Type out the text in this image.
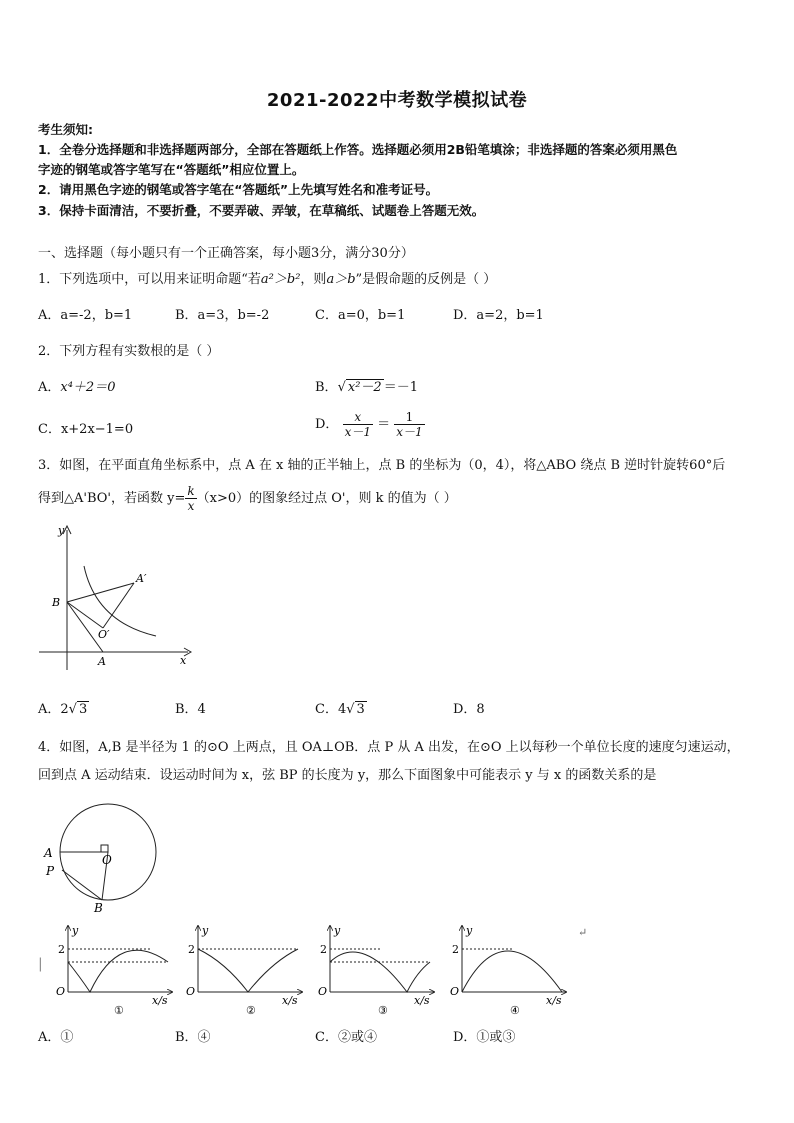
2021-2022中考数学模拟试卷
考生须知:
1．全卷分选择题和非选择题两部分，全部在答题纸上作答。选择题必须用2B铅笔填涂；非选择题的答案必须用黑色
字迹的钢笔或答字笔写在“答题纸”相应位置上。
2．请用黑色字迹的钢笔或答字笔在“答题纸”上先填写姓名和准考证号。
3．保持卡面清洁，不要折叠，不要弄破、弄皱，在草稿纸、试题卷上答题无效。
一、选择题（每小题只有一个正确答案，每小题3分，满分30分）
1．下列选项中，可以用来证明命题“若a²＞b²，则a＞b”是假命题的反例是（ ）
A．a=-2，b=1	B．a=3，b=-2	C．a=0，b=1	D．a=2，b=1
2．下列方程有实数根的是（ ）
A．x⁴＋2＝0	B．√ x²－2 ＝－1
C．x+2x−1=0	D． $\frac{x}{x-1} = \frac{1}{x-1}$
3．如图，在平面直角坐标系中，点 A 在 x 轴的正半轴上，点 B 的坐标为（0，4），将△ABO 绕点 B 逆时针旋转60°后
得到△A'BO'，若函数 $y= \frac{k}{x} (x>0)$的图象经过点 O'，则 k 的值为（ ）
y
x
B
A
A′
O′
A．2√ 3	B．4	C．4√ 3	D．8
4．如图，A,B 是半径为 1 的⊙O 上两点，且 OA⊥OB．点 P 从 A 出发，在⊙O 上以每秒一个单位长度的速度匀速运动，
回到点 A 运动结束．设运动时间为 x，弦 BP 的长度为 y，那么下面图象中可能表示 y 与 x 的函数关系的是
A
P
O
B
|
↵
y
2
O
x/s
①
y
2
O
x/s
②
y
2
O
x/s
③
y
2
O
x/s
④
A．①	B．④	C．②或④	D．①或③
